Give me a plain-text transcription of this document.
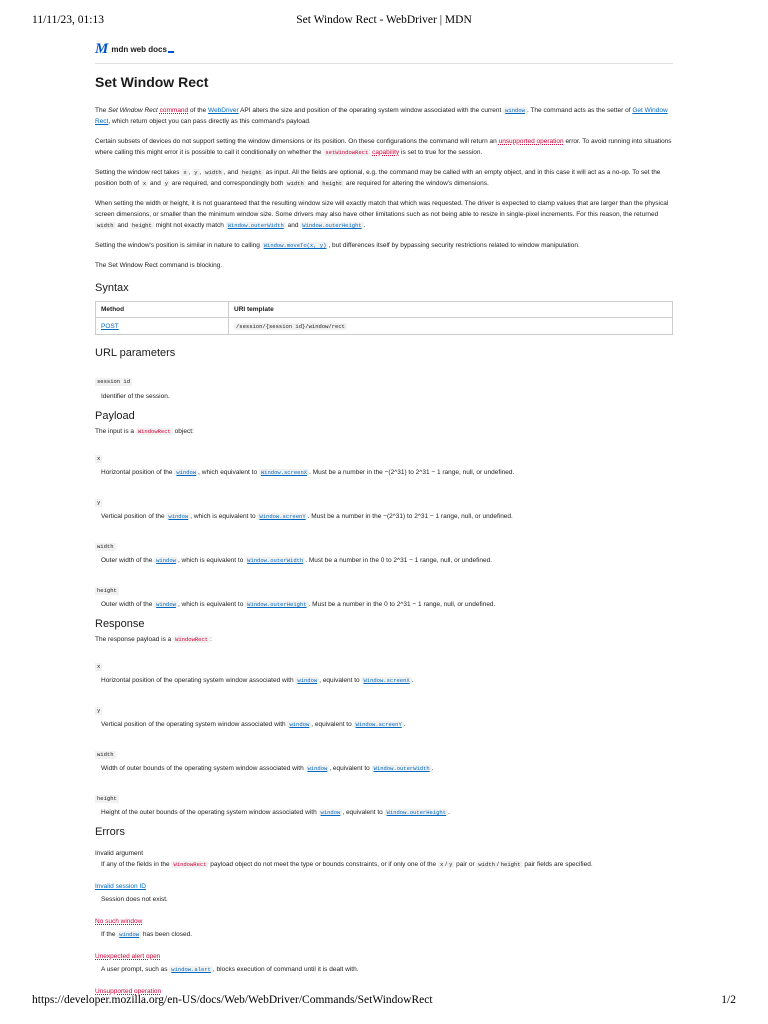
11/11/23, 01:13	Set Window Rect - WebDriver | MDN
M mdn web docs
Set Window Rect

The Set Window Rect command of the WebDriver API alters the size and position of the operating system window associated with the current window . The command acts as the setter of Get Window Rect, which return object you can pass directly as this command's payload.

Certain subsets of devices do not support setting the window dimensions or its position. On these configurations the command will return an unsupported operation error. To avoid running into situations where calling this might error it is possible to call it conditionally on whether the setWindowRect capability is set to true for the session.

Setting the window rect takes x , y , width , and height as input. All the fields are optional, e.g. the command may be called with an empty object, and in this case it will act as a no-op. To set the position both of x and y are required, and correspondingly both width and height are required for altering the window's dimensions.

When setting the width or height, it is not guaranteed that the resulting window size will exactly match that which was requested. The driver is expected to clamp values that are larger than the physical screen dimensions, or smaller than the minimum window size. Some drivers may also have other limitations such as not being able to resize in single-pixel increments. For this reason, the returned width and height might not exactly match Window.outerWidth and Window.outerHeight .

Setting the window's position is similar in nature to calling Window.moveTo(x, y) , but differences itself by bypassing security restrictions related to window manipulation.

The Set Window Rect command is blocking.

Syntax
Method	URI template
POST	/session/{session id}/window/rect
URL parameters
session id
Identifier of the session.
Payload

The input is a WindowRect object:

x
Horizontal position of the window , which equivalent to Window.screenX . Must be a number in the −(2^31) to 2^31 − 1 range, null, or undefined.
y
Vertical position of the window , which is equivalent to Window.screenY . Must be a number in the −(2^31) to 2^31 − 1 range, null, or undefined.
width
Outer width of the window , which is equivalent to Window.outerWidth . Must be a number in the 0 to 2^31 − 1 range, null, or undefined.
height
Outer width of the window , which is equivalent to Window.outerHeight . Must be a number in the 0 to 2^31 − 1 range, null, or undefined.
Response

The response payload is a WindowRect :

x
Horizontal position of the operating system window associated with window , equivalent to Window.screenX .
y
Vertical position of the operating system window associated with window , equivalent to Window.screenY .
width
Width of outer bounds of the operating system window associated with window , equivalent to Window.outerWidth .
height
Height of the outer bounds of the operating system window associated with window , equivalent to Window.outerHeight .
Errors
Invalid argument
If any of the fields in the WindowRect payload object do not meet the type or bounds constraints, or if only one of the x y pair or width / height pair fields are specified.
Invalid session ID
Session does not exist.
No such window
If the window has been closed.
Unexpected alert open
A user prompt, such as window.alert , blocks execution of command until it is dealt with.
Unsupported operation
https://developer.mozilla.org/en-US/docs/Web/WebDriver/Commands/SetWindowRect	1/2
